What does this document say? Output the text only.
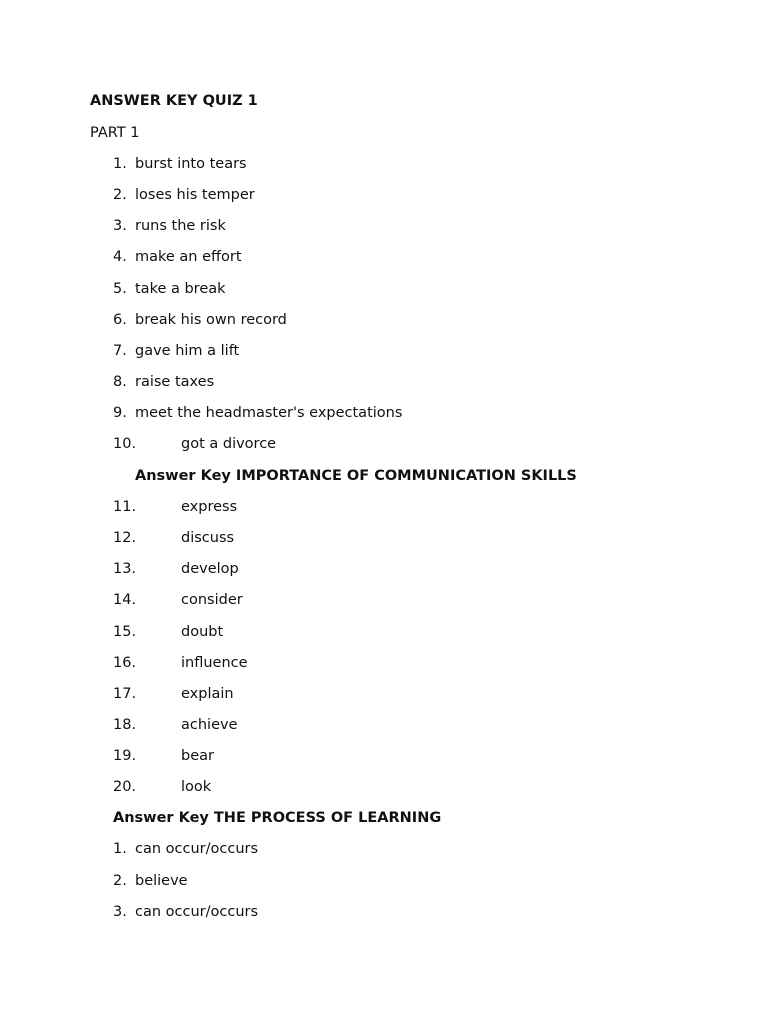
ANSWER KEY QUIZ 1
PART 1
1. burst into tears
2. loses his temper
3. runs the risk
4. make an effort
5. take a break
6. break his own record
7. gave him a lift
8. raise taxes
9. meet the headmaster's expectations
10.	got a divorce
Answer Key IMPORTANCE OF COMMUNICATION SKILLS
11.	express
12.	discuss
13.	develop
14.	consider
15.	doubt
16.	influence
17.	explain
18.	achieve
19.	bear
20.	look
Answer Key THE PROCESS OF LEARNING
1. can occur/occurs
2. believe
3. can occur/occurs
